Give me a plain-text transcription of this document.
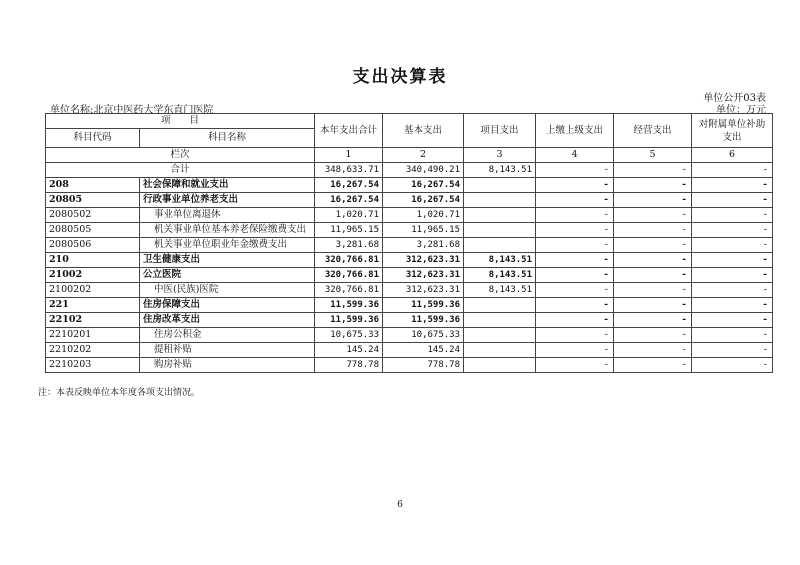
支出决算表
单位公开03表
单位名称:北京中医药大学东直门医院	单位：万元
项　　目		本年支出合计	基本支出	项目支出	上缴上级支出	经营支出	对附属单位补助支出
科目代码	科目名称						
栏次		1	2	3	4	5	6
合计		348,633.71	340,490.21	8,143.51	-	-	-
208	社会保障和就业支出	16,267.54	16,267.54		-	-	-
20805	行政事业单位养老支出	16,267.54	16,267.54		-	-	-
2080502	事业单位离退休	1,020.71	1,020.71		-	-	-
2080505	机关事业单位基本养老保险缴费支出	11,965.15	11,965.15		-	-	-
2080506	机关事业单位职业年金缴费支出	3,281.68	3,281.68		-	-	-
210	卫生健康支出	320,766.81	312,623.31	8,143.51	-	-	-
21002	公立医院	320,766.81	312,623.31	8,143.51	-	-	-
2100202	中医(民族)医院	320,766.81	312,623.31	8,143.51	-	-	-
221	住房保障支出	11,599.36	11,599.36		-	-	-
22102	住房改革支出	11,599.36	11,599.36		-	-	-
2210201	住房公积金	10,675.33	10,675.33		-	-	-
2210202	提租补贴	145.24	145.24		-	-	-
2210203	购房补贴	778.78	778.78		-	-	-
注：本表反映单位本年度各项支出情况。
6
